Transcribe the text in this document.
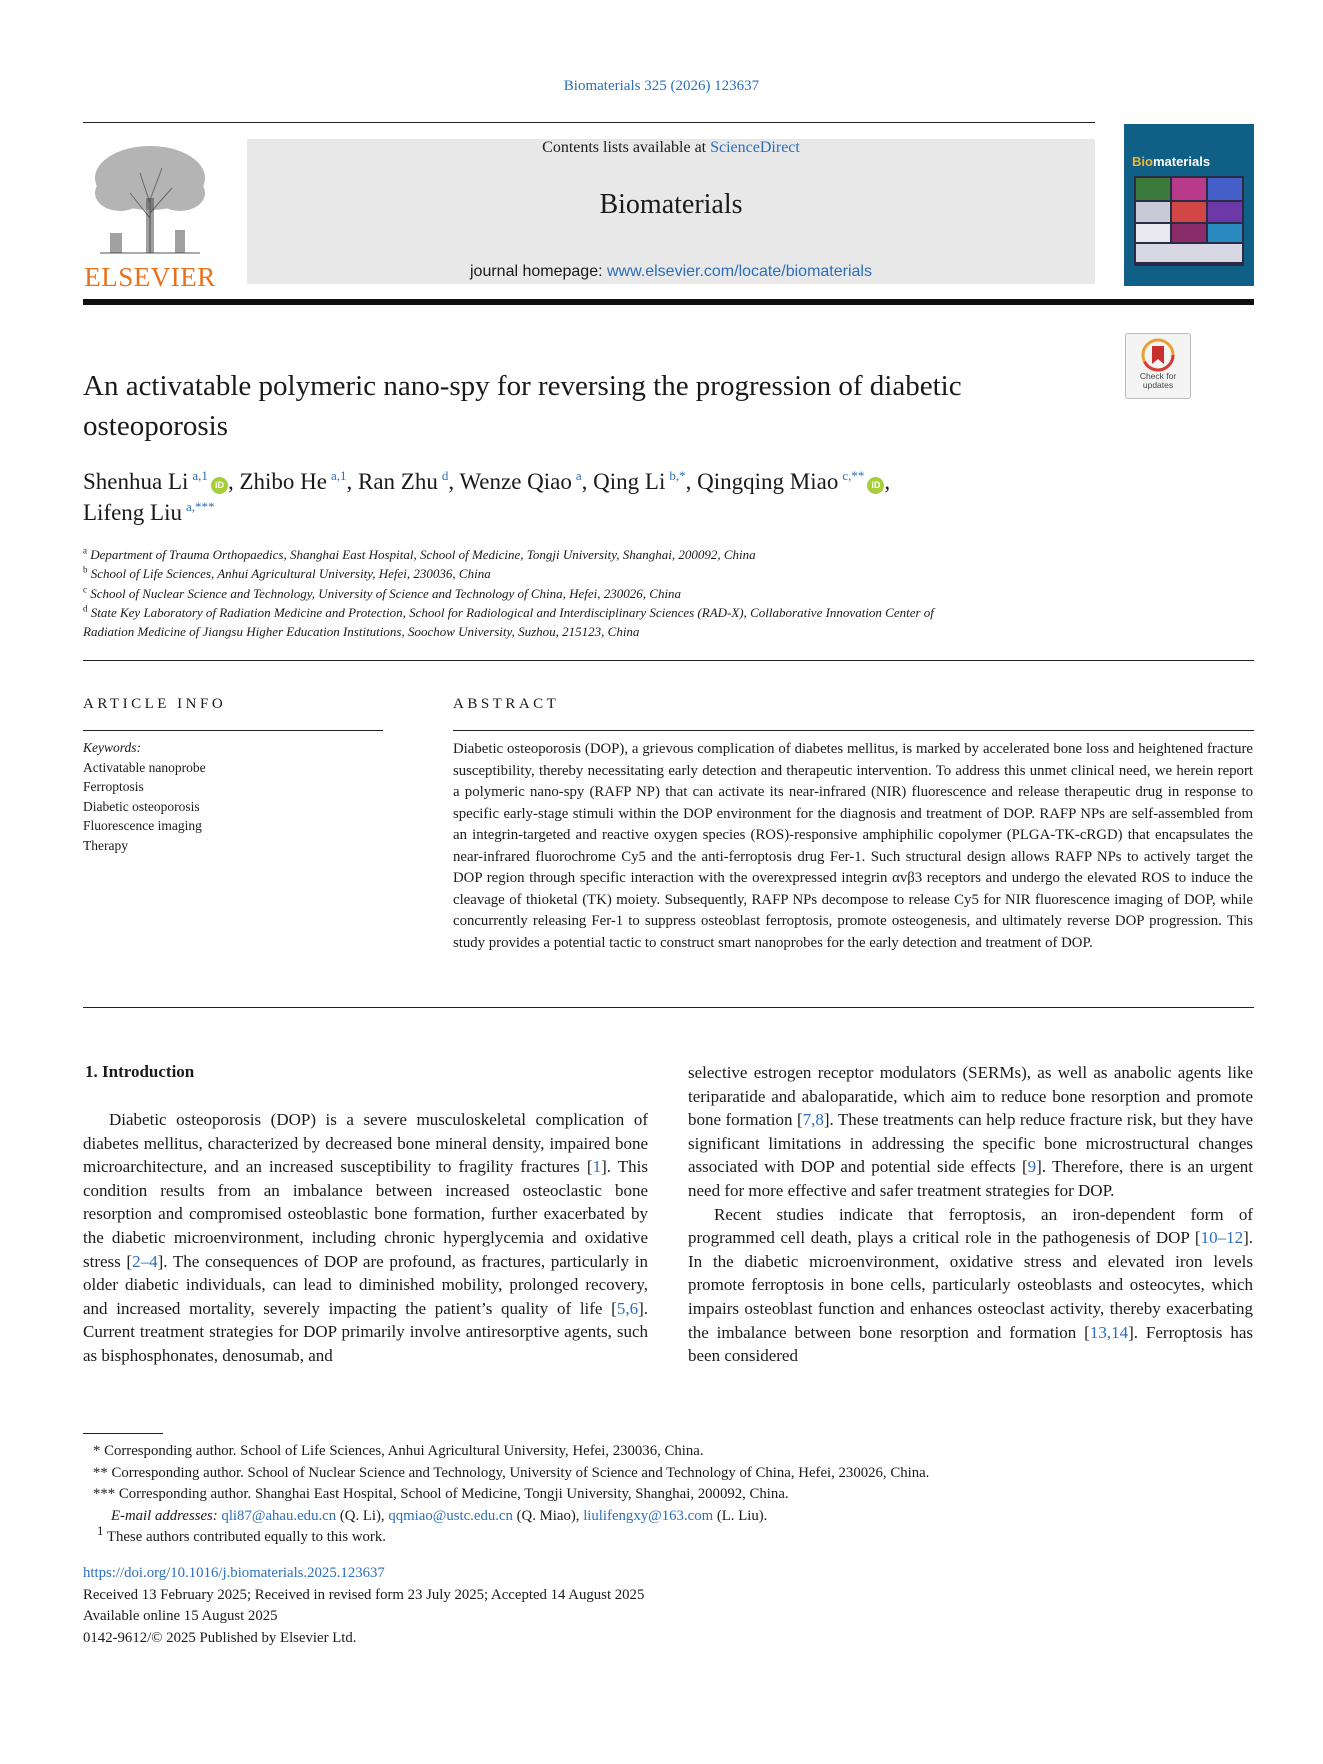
Biomaterials 325 (2026) 123637
ELSEVIER
Contents lists available at ScienceDirect
Biomaterials
journal homepage: www.elsevier.com/locate/biomaterials
Biomaterials
Check for updates
An activatable polymeric nano-spy for reversing the progression of diabetic osteoporosis
Shenhua Li $^{a,1}$iD , Zhibo He $^{a,1}$, Ran Zhu $^d$, Wenze Qiao $^a$, Qing Li $^{b,*}$, Qingqing Miao $^{c,**}$iD ,
Lifeng Liu $^{a,***}$
$^a$ Department of Trauma Orthopaedics, Shanghai East Hospital, School of Medicine, Tongji University, Shanghai, 200092, China
$^b$ School of Life Sciences, Anhui Agricultural University, Hefei, 230036, China
$^c$ School of Nuclear Science and Technology, University of Science and Technology of China, Hefei, 230026, China
$^d$ State Key Laboratory of Radiation Medicine and Protection, School for Radiological and Interdisciplinary Sciences (RAD-X), Collaborative Innovation Center of
Radiation Medicine of Jiangsu Higher Education Institutions, Soochow University, Suzhou, 215123, China
ARTICLE INFO	ABSTRACT
Keywords:
Activatable nanoprobe
Ferroptosis
Diabetic osteoporosis
Fluorescence imaging
Therapy
Diabetic osteoporosis (DOP), a grievous complication of diabetes mellitus, is marked by accelerated bone loss and heightened fracture susceptibility, thereby necessitating early detection and therapeutic intervention. To address this unmet clinical need, we herein report a polymeric nano-spy (RAFP NP) that can activate its near-infrared (NIR) fluorescence and release therapeutic drug in response to specific early-stage stimuli within the DOP environment for the diagnosis and treatment of DOP. RAFP NPs are self-assembled from an integrin-targeted and reactive oxygen species (ROS)-responsive amphiphilic copolymer (PLGA-TK-cRGD) that encapsulates the near-infrared fluorochrome Cy5 and the anti-ferroptosis drug Fer-1. Such structural design allows RAFP NPs to actively target the DOP region through specific interaction with the overexpressed integrin αvβ3 receptors and undergo the elevated ROS to induce the cleavage of thioketal (TK) moiety. Subsequently, RAFP NPs decompose to release Cy5 for NIR fluorescence imaging of DOP, while concurrently releasing Fer-1 to suppress osteoblast ferroptosis, promote osteogenesis, and ultimately reverse DOP progression. This study provides a potential tactic to construct smart nanoprobes for the early detection and treatment of DOP.
1. Introduction

Diabetic osteoporosis (DOP) is a severe musculoskeletal complication of diabetes mellitus, characterized by decreased bone mineral density, impaired bone microarchitecture, and an increased susceptibility to fragility fractures [1]. This condition results from an imbalance between increased osteoclastic bone resorption and compromised osteoblastic bone formation, further exacerbated by the diabetic microenvironment, including chronic hyperglycemia and oxidative stress [2–4]. The consequences of DOP are profound, as fractures, particularly in older diabetic individuals, can lead to diminished mobility, prolonged recovery, and increased mortality, severely impacting the patient’s quality of life [5,6]. Current treatment strategies for DOP primarily involve antiresorptive agents, such as bisphosphonates, denosumab, and

selective estrogen receptor modulators (SERMs), as well as anabolic agents like teriparatide and abaloparatide, which aim to reduce bone resorption and promote bone formation [7,8]. These treatments can help reduce fracture risk, but they have significant limitations in addressing the specific bone microstructural changes associated with DOP and potential side effects [9]. Therefore, there is an urgent need for more effective and safer treatment strategies for DOP.

Recent studies indicate that ferroptosis, an iron-dependent form of programmed cell death, plays a critical role in the pathogenesis of DOP [10–12]. In the diabetic microenvironment, oxidative stress and elevated iron levels promote ferroptosis in bone cells, particularly osteoblasts and osteocytes, which impairs osteoblast function and enhances osteoclast activity, thereby exacerbating the imbalance between bone resorption and formation [13,14]. Ferroptosis has been considered

* Corresponding author. School of Life Sciences, Anhui Agricultural University, Hefei, 230036, China.
** Corresponding author. School of Nuclear Science and Technology, University of Science and Technology of China, Hefei, 230026, China.
*** Corresponding author. Shanghai East Hospital, School of Medicine, Tongji University, Shanghai, 200092, China.
E-mail addresses: qli87@ahau.edu.cn (Q. Li), qqmiao@ustc.edu.cn (Q. Miao), liulifengxy@163.com (L. Liu).
$^1$ These authors contributed equally to this work.
https://doi.org/10.1016/j.biomaterials.2025.123637
Received 13 February 2025; Received in revised form 23 July 2025; Accepted 14 August 2025
Available online 15 August 2025
0142-9612/© 2025 Published by Elsevier Ltd.
